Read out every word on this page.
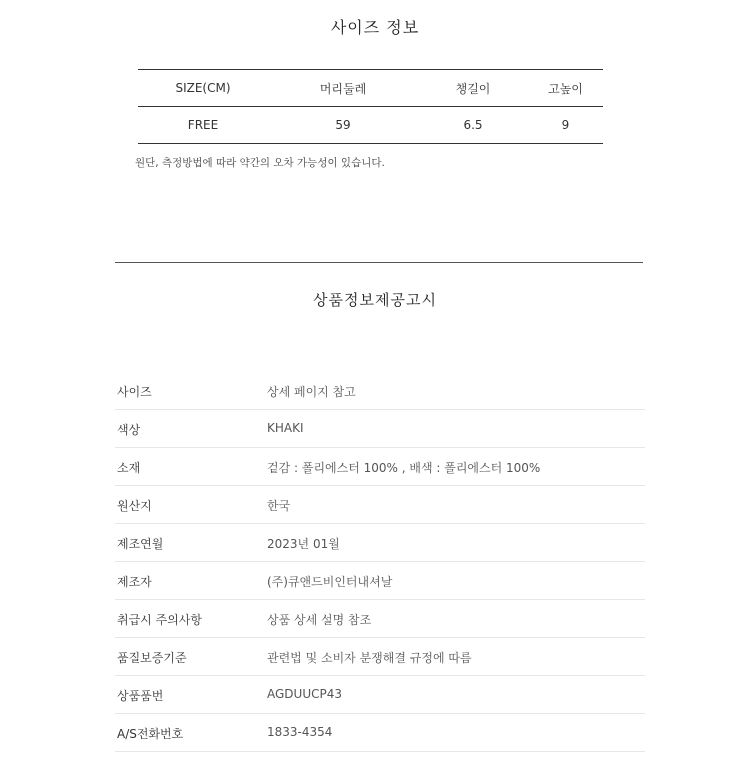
사이즈 정보
SIZE(CM)	머리둘레	챙길이	고높이
FREE	59	6.5	9
원단, 측정방법에 따라 약간의 오차 가능성이 있습니다.
상품정보제공고시
사이즈	상세 페이지 참고
색상	KHAKI
소재	겉감 : 폴리에스터 100% , 배색 : 폴리에스터 100%
원산지	한국
제조연월	2023년 01월
제조자	(주)큐앤드비인터내셔날
취급시 주의사항	상품 상세 설명 참조
품질보증기준	관련법 및 소비자 분쟁해결 규정에 따름
상품품번	AGDUUCP43
A/S전화번호	1833-4354
